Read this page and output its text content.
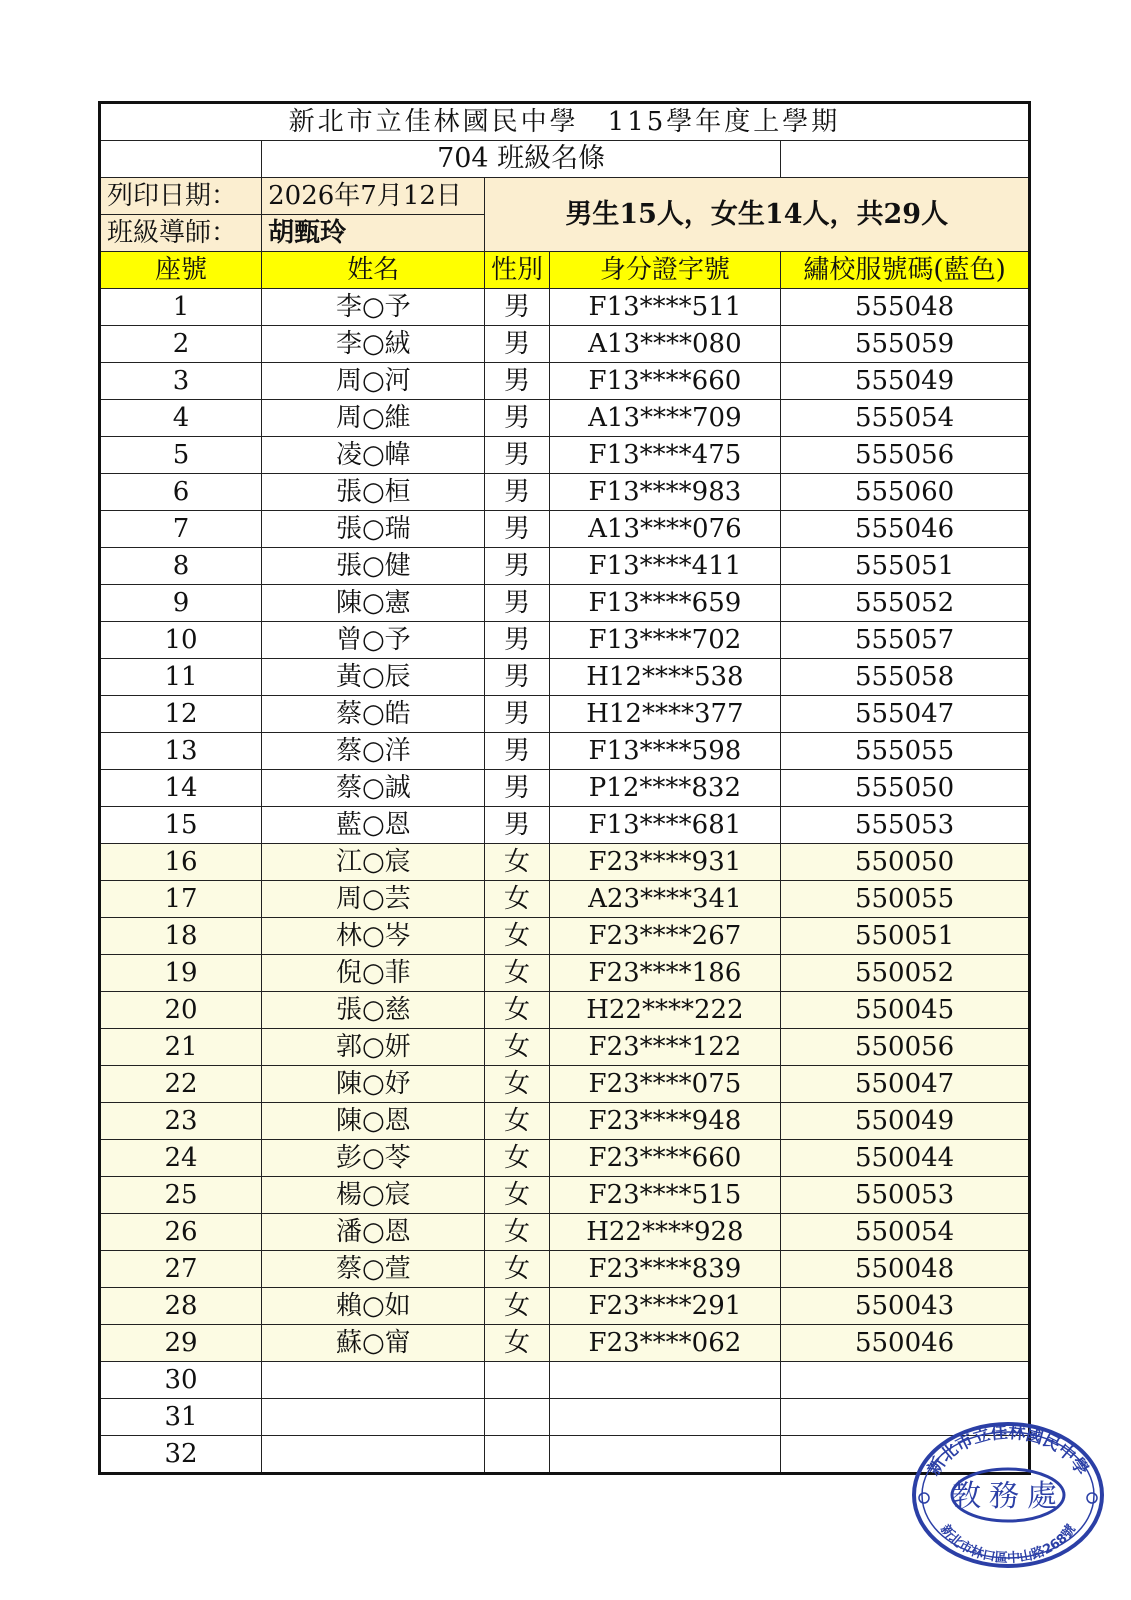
新北市立佳林國民中學　115學年度上學期				
	704 班級名條			
列印日期：	2026年7月12日	男生15人，女生14人，共29人		
班級導師：	胡甄玲			
座號	姓名	性別	身分證字號	繡校服號碼(藍色)
1	李○予	男	F13****511	555048
2	李○絨	男	A13****080	555059
3	周○河	男	F13****660	555049
4	周○維	男	A13****709	555054
5	凌○幃	男	F13****475	555056
6	張○桓	男	F13****983	555060
7	張○瑞	男	A13****076	555046
8	張○健	男	F13****411	555051
9	陳○憲	男	F13****659	555052
10	曾○予	男	F13****702	555057
11	黃○辰	男	H12****538	555058
12	蔡○皓	男	H12****377	555047
13	蔡○洋	男	F13****598	555055
14	蔡○誠	男	P12****832	555050
15	藍○恩	男	F13****681	555053
16	江○宸	女	F23****931	550050
17	周○芸	女	A23****341	550055
18	林○岑	女	F23****267	550051
19	倪○菲	女	F23****186	550052
20	張○慈	女	H22****222	550045
21	郭○妍	女	F23****122	550056
22	陳○妤	女	F23****075	550047
23	陳○恩	女	F23****948	550049
24	彭○苓	女	F23****660	550044
25	楊○宸	女	F23****515	550053
26	潘○恩	女	H22****928	550054
27	蔡○萱	女	F23****839	550048
28	賴○如	女	F23****291	550043
29	蘇○甯	女	F23****062	550046
30				
31				
32					新北市立佳林國民中學
教務處
新北市林口區中山路268號
